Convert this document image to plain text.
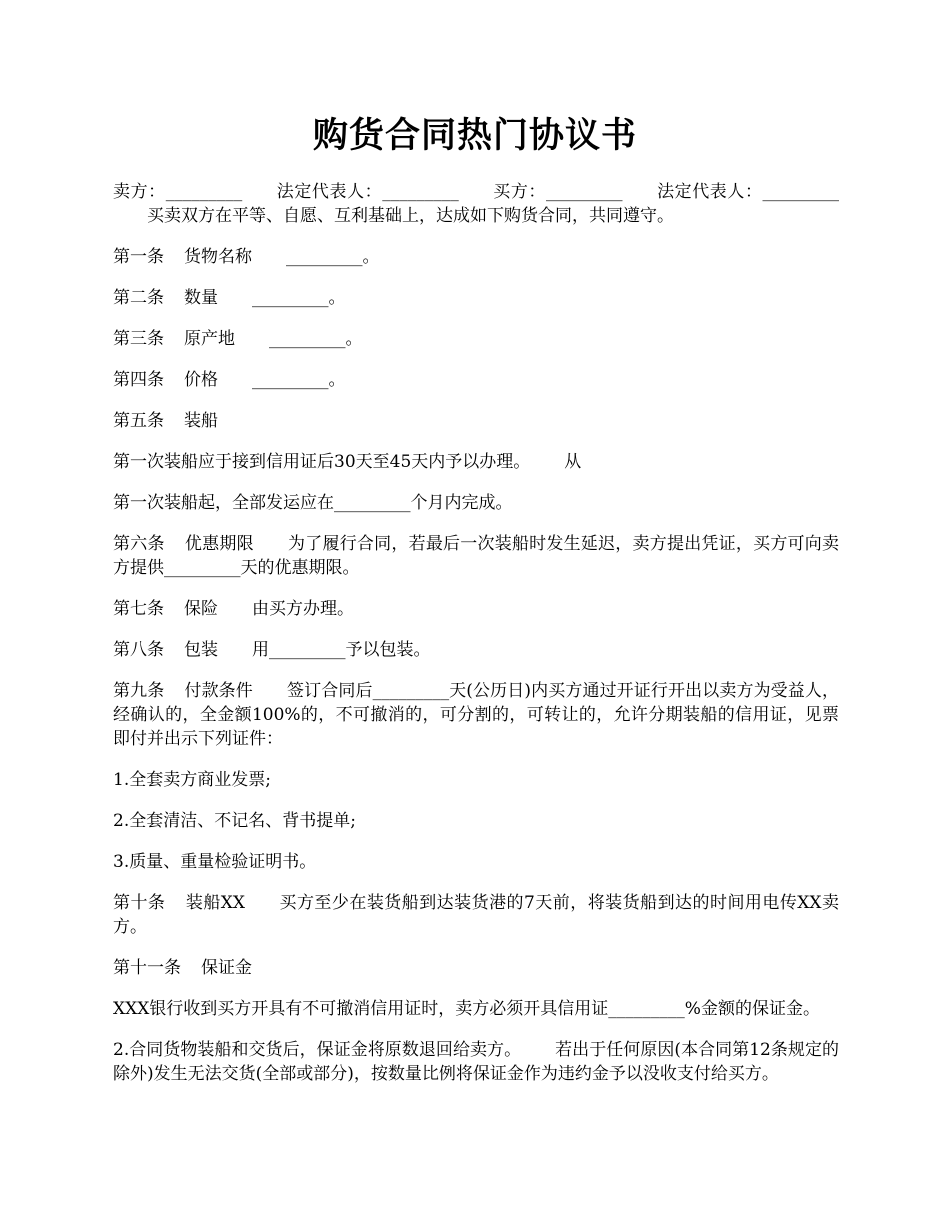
购货合同热门协议书

卖方：_________ 法定代表人：_________ 买方：_________ 法定代表人：_________买卖双方在平等、自愿、互利基础上，达成如下购货合同，共同遵守。

第一条 货物名称 _________。

第二条 数量 _________。

第三条 原产地 _________。

第四条 价格 _________。

第五条 装船

第一次装船应于接到信用证后30天至45天内予以办理。 从

第一次装船起，全部发运应在_________个月内完成。

第六条 优惠期限 为了履行合同，若最后一次装船时发生延迟，卖方提出凭证，买方可向卖方提供_________天的优惠期限。

第七条 保险 由买方办理。

第八条 包装 用_________予以包装。

第九条 付款条件 签订合同后_________天(公历日)内买方通过开证行开出以卖方为受益人，经确认的，全金额100%的，不可撤消的，可分割的，可转让的，允许分期装船的信用证，见票即付并出示下列证件：

1.全套卖方商业发票;

2.全套清洁、不记名、背书提单;

3.质量、重量检验证明书。

第十条 装船XX 买方至少在装货船到达装货港的7天前，将装货船到达的时间用电传XX卖方。

第十一条 保证金

XXX银行收到买方开具有不可撤消信用证时，卖方必须开具信用证_________%金额的保证金。

2.合同货物装船和交货后，保证金将原数退回给卖方。 若出于任何原因(本合同第12条规定的除外)发生无法交货(全部或部分)，按数量比例将保证金作为违约金予以没收支付给买方。
